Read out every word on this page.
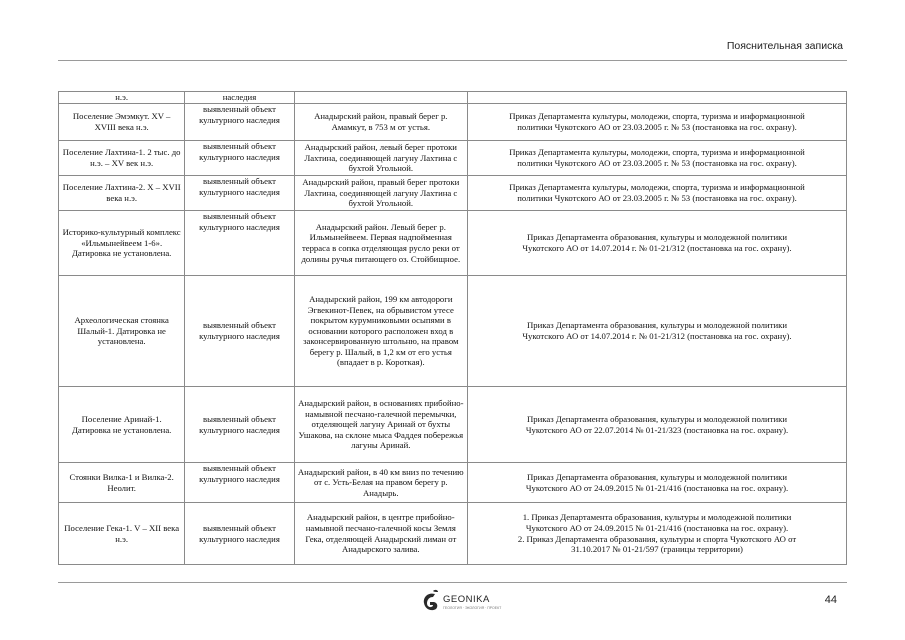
Пояснительная записка
н.э.	наследия		

Поселение Эмэмкут. XV – XVIII века н.э.	выявленный объект культурного наследия	Анадырский район, правый берег р. Амамкут, в 753 м от устья.	Приказ Департамента культуры, молодежи, спорта, туризма и информационной
политики Чукотского АО от 23.03.2005 г. № 53 (постановка на гос. охрану).

Поселение Лахтина-1. 2 тыс. до н.э. – XV век н.э.	выявленный объект культурного наследия	Анадырский район, левый берег протоки Лахтина, соединяющей лагуну Лахтина с бухтой Угольной.	Приказ Департамента культуры, молодежи, спорта, туризма и информационной
политики Чукотского АО от 23.03.2005 г. № 53 (постановка на гос. охрану).

Поселение Лахтина-2. X – XVII века н.э.	выявленный объект культурного наследия	Анадырский район, правый берег протоки Лахтина, соединяющей лагуну Лахтина с бухтой Угольной.	Приказ Департамента культуры, молодежи, спорта, туризма и информационной
политики Чукотского АО от 23.03.2005 г. № 53 (постановка на гос. охрану).

Историко-культурный комплекс «Ильмынейвеем 1-6». Датировка не установлена.	выявленный объект культурного наследия	Анадырский район. Левый берег р. Ильмынейвеем. Первая надпойменная терраса в сопка отделяющая русло реки от долины ручья питающего оз. Стойбищное.	Приказ Департамента образования, культуры и молодежной политики
Чукотского АО от 14.07.2014 г. № 01-21/312 (постановка на гос. охрану).

Археологическая стоянка Шалый-1. Датировка не установлена.	выявленный объект культурного наследия	Анадырский район, 199 км автодороги Эгвекинот-Певек, на обрывистом утесе покрытом курумниковыми осыпями в основании которого расположен вход в законсервированную штольню, на правом берегу р. Шалый, в 1,2 км от его устья (впадает в р. Короткая).	Приказ Департамента образования, культуры и молодежной политики
Чукотского АО от 14.07.2014 г. № 01-21/312 (постановка на гос. охрану).

Поселение Аринай-1. Датировка не установлена.	выявленный объект культурного наследия	Анадырский район, в основаниях прибойно-намывной песчано-галечной перемычки, отделяющей лагуну Аринай от бухты Ушакова, на склоне мыса Фаддея побережья лагуны Аринай.	Приказ Департамента образования, культуры и молодежной политики
Чукотского АО от 22.07.2014 № 01-21/323 (постановка на гос. охрану).

Стоянки Вилка-1 и Вилка-2. Неолит.	выявленный объект культурного наследия	Анадырский район, в 40 км вниз по течению от с. Усть-Белая на правом берегу р. Анадырь.	Приказ Департамента образования, культуры и молодежной политики
Чукотского АО от 24.09.2015 № 01-21/416 (постановка на гос. охрану).

Поселение Гека-1. V – XII века н.э.	выявленный объект культурного наследия	Анадырский район, в центре прибойно-намывной песчано-галечной косы Земля Гека, отделяющей Анадырский лиман от Анадырского залива.	1. Приказ Департамента образования, культуры и молодежной политики
Чукотского АО от 24.09.2015 № 01-21/416 (постановка на гос. охрану).
2. Приказ Департамента образования, культуры и спорта Чукотского АО от
31.10.2017 № 01-21/597 (границы территории)
GEONIKA
ГЕОЛОГИЯ · ЭКОЛОГИЯ · ПРОЕКТ
44
